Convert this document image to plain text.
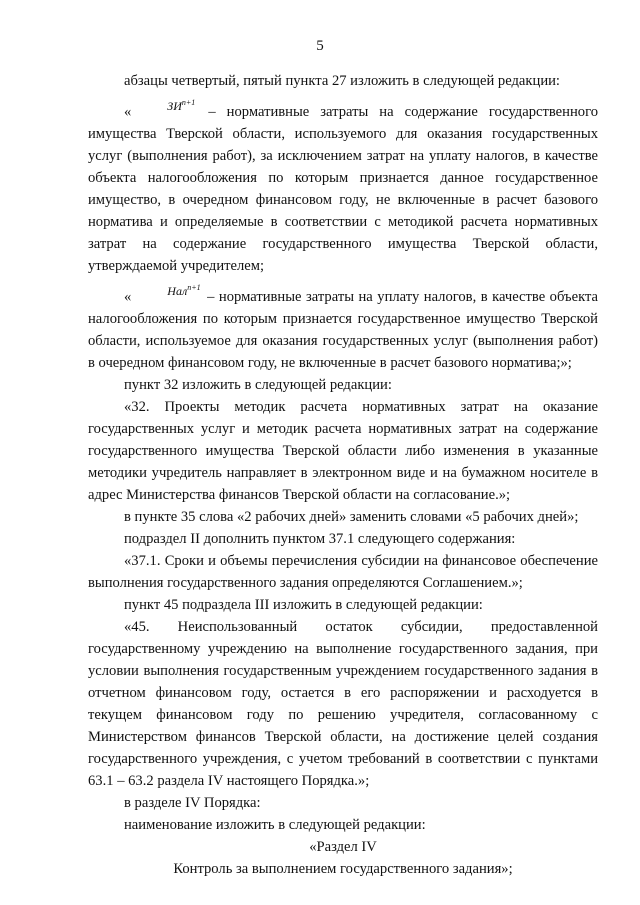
5

абзацы четвертый, пятый пункта 27 изложить в следующей редакции:

«	$ЗИ^{n+1}$ – нормативные затраты на содержание государственного имущества Тверской области, используемого для оказания государственных услуг (выполнения работ), за исключением затрат на уплату налогов, в качестве объекта налогообложения по которым признается данное государственное имущество, в очередном финансовом году, не включенные в расчет базового норматива и определяемые в соответствии с методикой расчета нормативных затрат на содержание государственного имущества Тверской области, утверждаемой учредителем;

«	Нал$^{n+1}$ – нормативные затраты на уплату налогов, в качестве объекта налогообложения по которым признается государственное имущество Тверской области, используемое для оказания государственных услуг (выполнения работ) в очередном финансовом году, не включенные в расчет базового норматива;»;

пункт 32 изложить в следующей редакции:

«32. Проекты методик расчета нормативных затрат на оказание государственных услуг и методик расчета нормативных затрат на содержание государственного имущества Тверской области либо изменения в указанные методики учредитель направляет в электронном виде и на бумажном носителе в адрес Министерства финансов Тверской области на согласование.»;

в пункте 35 слова «2 рабочих дней» заменить словами «5 рабочих дней»;

подраздел II дополнить пунктом 37.1 следующего содержания:

«37.1. Сроки и объемы перечисления субсидии на финансовое обеспечение выполнения государственного задания определяются Соглашением.»;

пункт 45 подраздела III изложить в следующей редакции:

«45. Неиспользованный остаток субсидии, предоставленной государственному учреждению на выполнение государственного задания, при условии выполнения государственным учреждением государственного задания в отчетном финансовом году, остается в его распоряжении и расходуется в текущем финансовом году по решению учредителя, согласованному с Министерством финансов Тверской области, на достижение целей создания государственного учреждения, с учетом требований в соответствии с пунктами 63.1 – 63.2 раздела IV настоящего Порядка.»;

в разделе IV Порядка:

наименование изложить в следующей редакции:

«Раздел IV

Контроль за выполнением государственного задания»;
